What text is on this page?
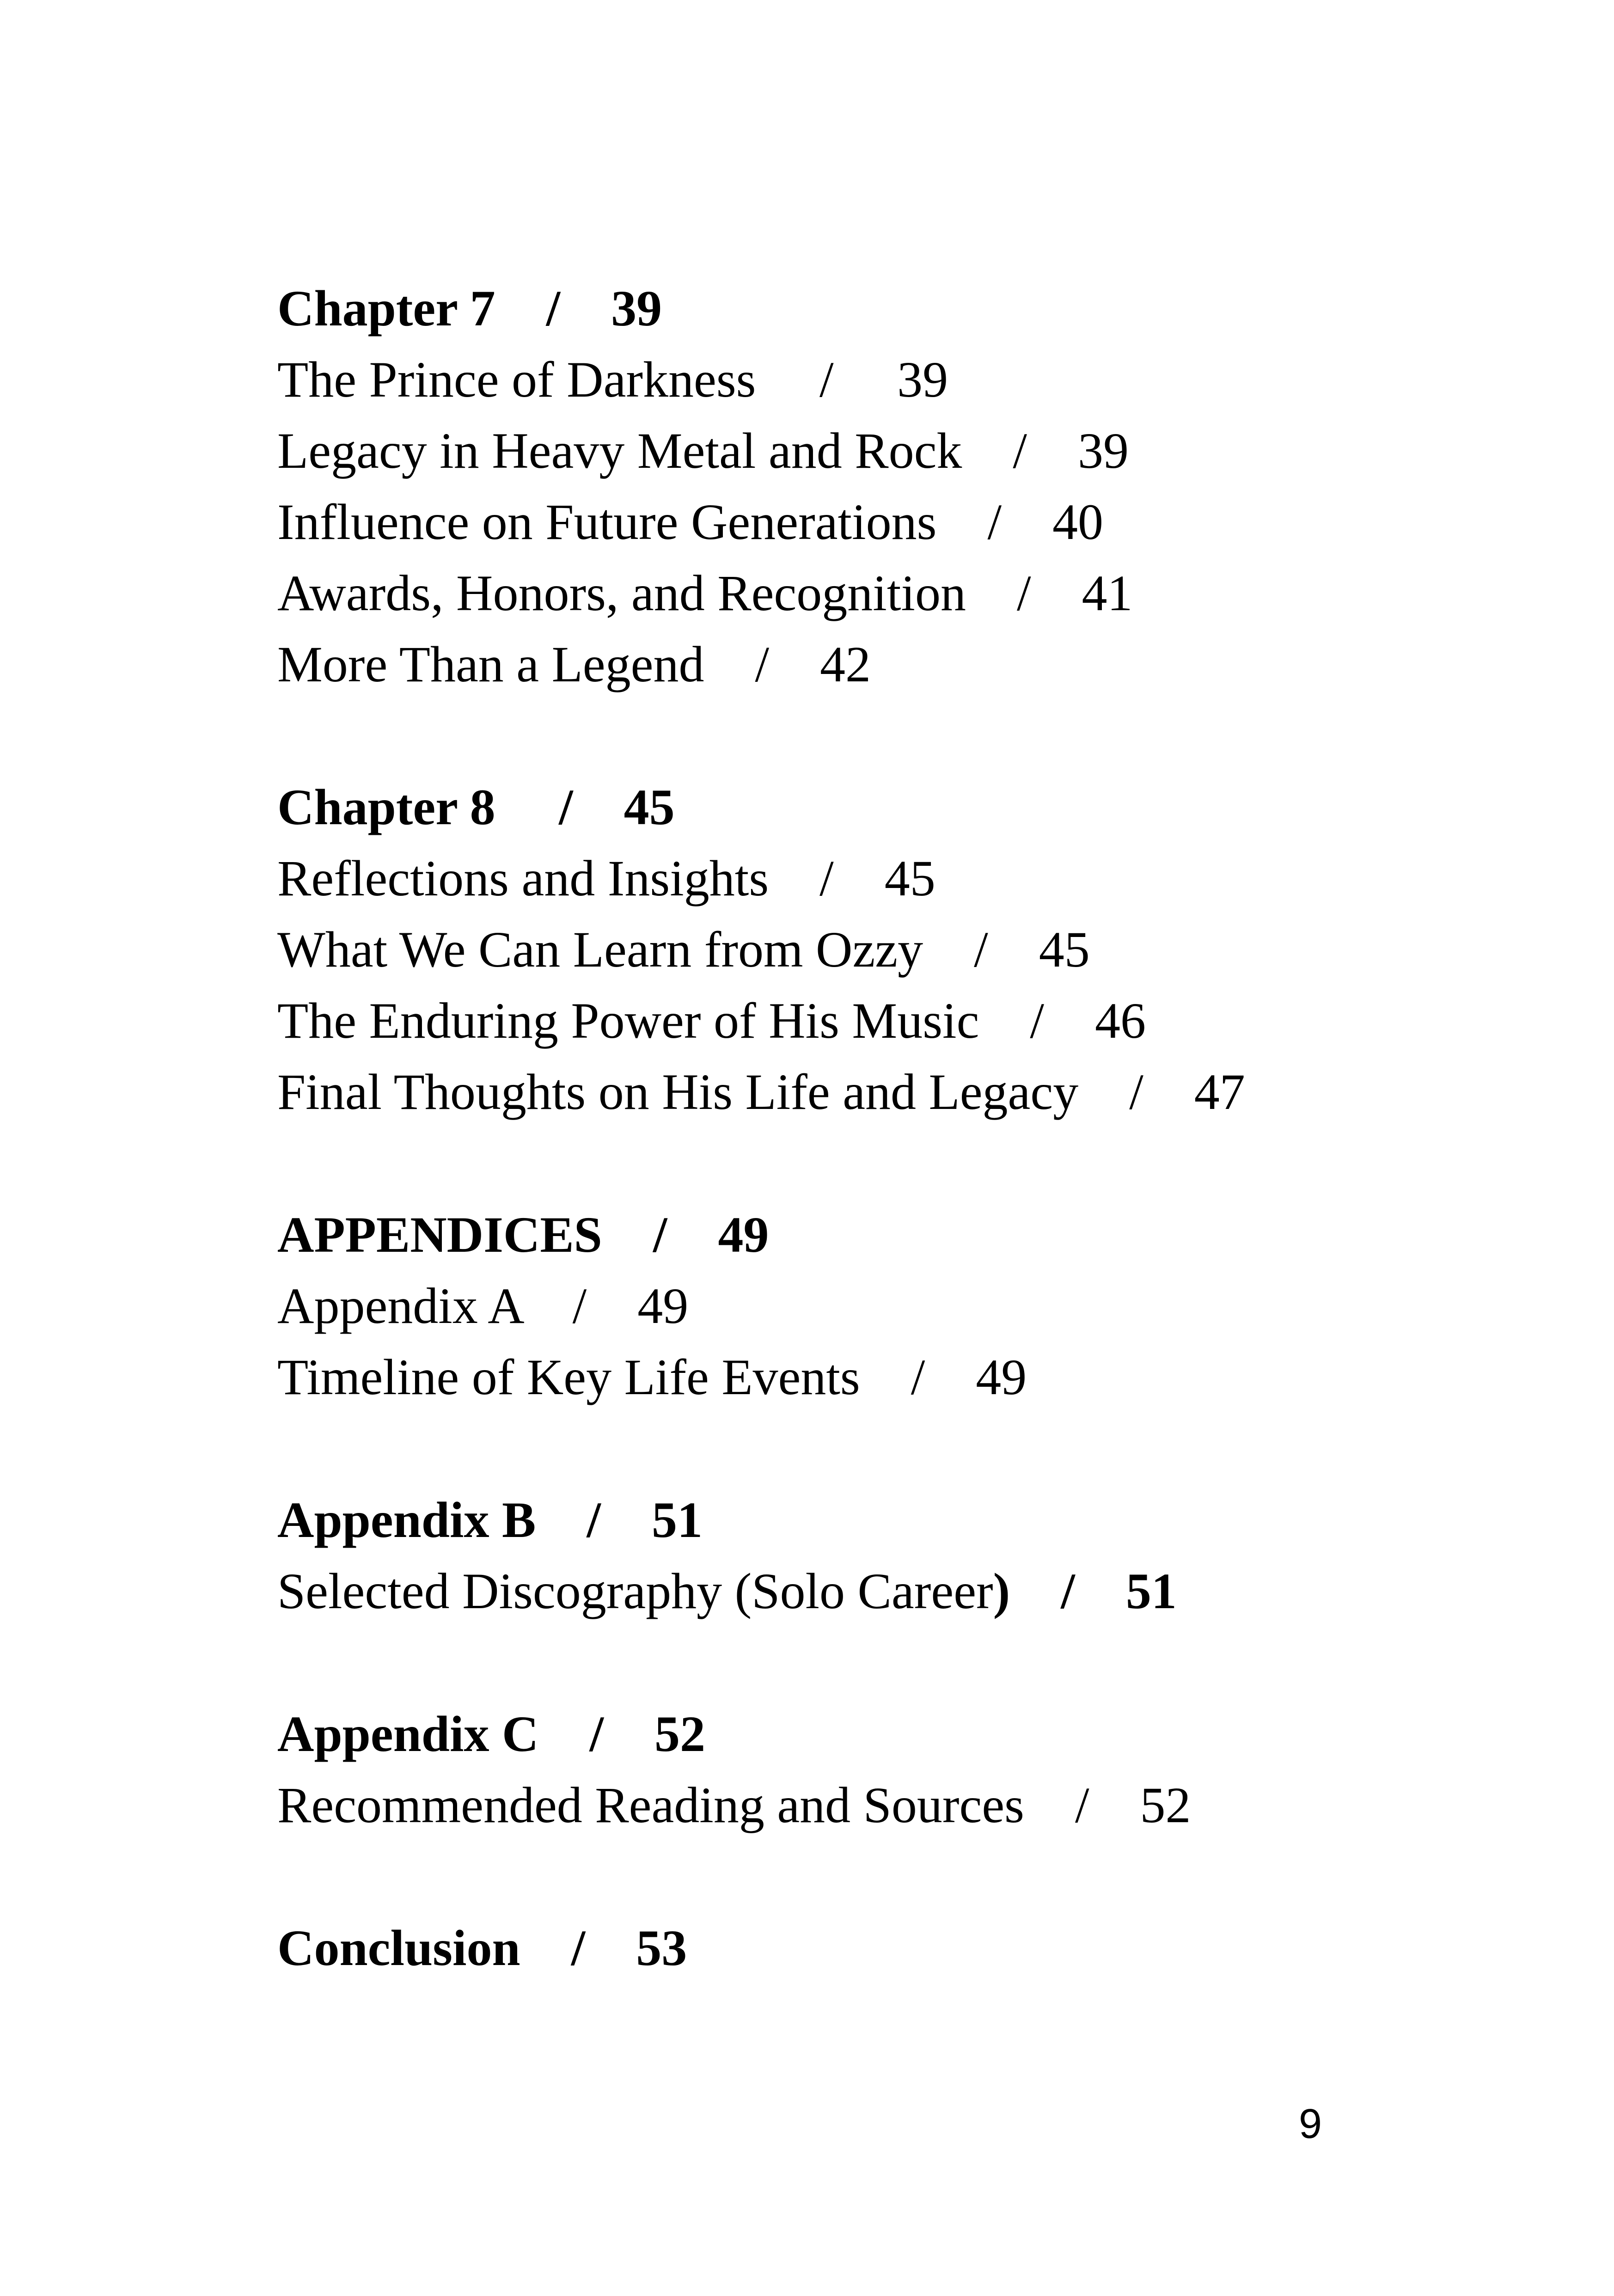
Chapter 7 / 39
The Prince of Darkness / 39
Legacy in Heavy Metal and Rock / 39
Influence on Future Generations / 40
Awards, Honors, and Recognition / 41
More Than a Legend / 42
Chapter 8 / 45
Reflections and Insights / 45
What We Can Learn from Ozzy / 45
The Enduring Power of His Music / 46
Final Thoughts on His Life and Legacy / 47
APPENDICES / 49
Appendix A / 49
Timeline of Key Life Events / 49
Appendix B / 51
Selected Discography (Solo Career) / 51
Appendix C / 52
Recommended Reading and Sources / 52
Conclusion / 53
9
